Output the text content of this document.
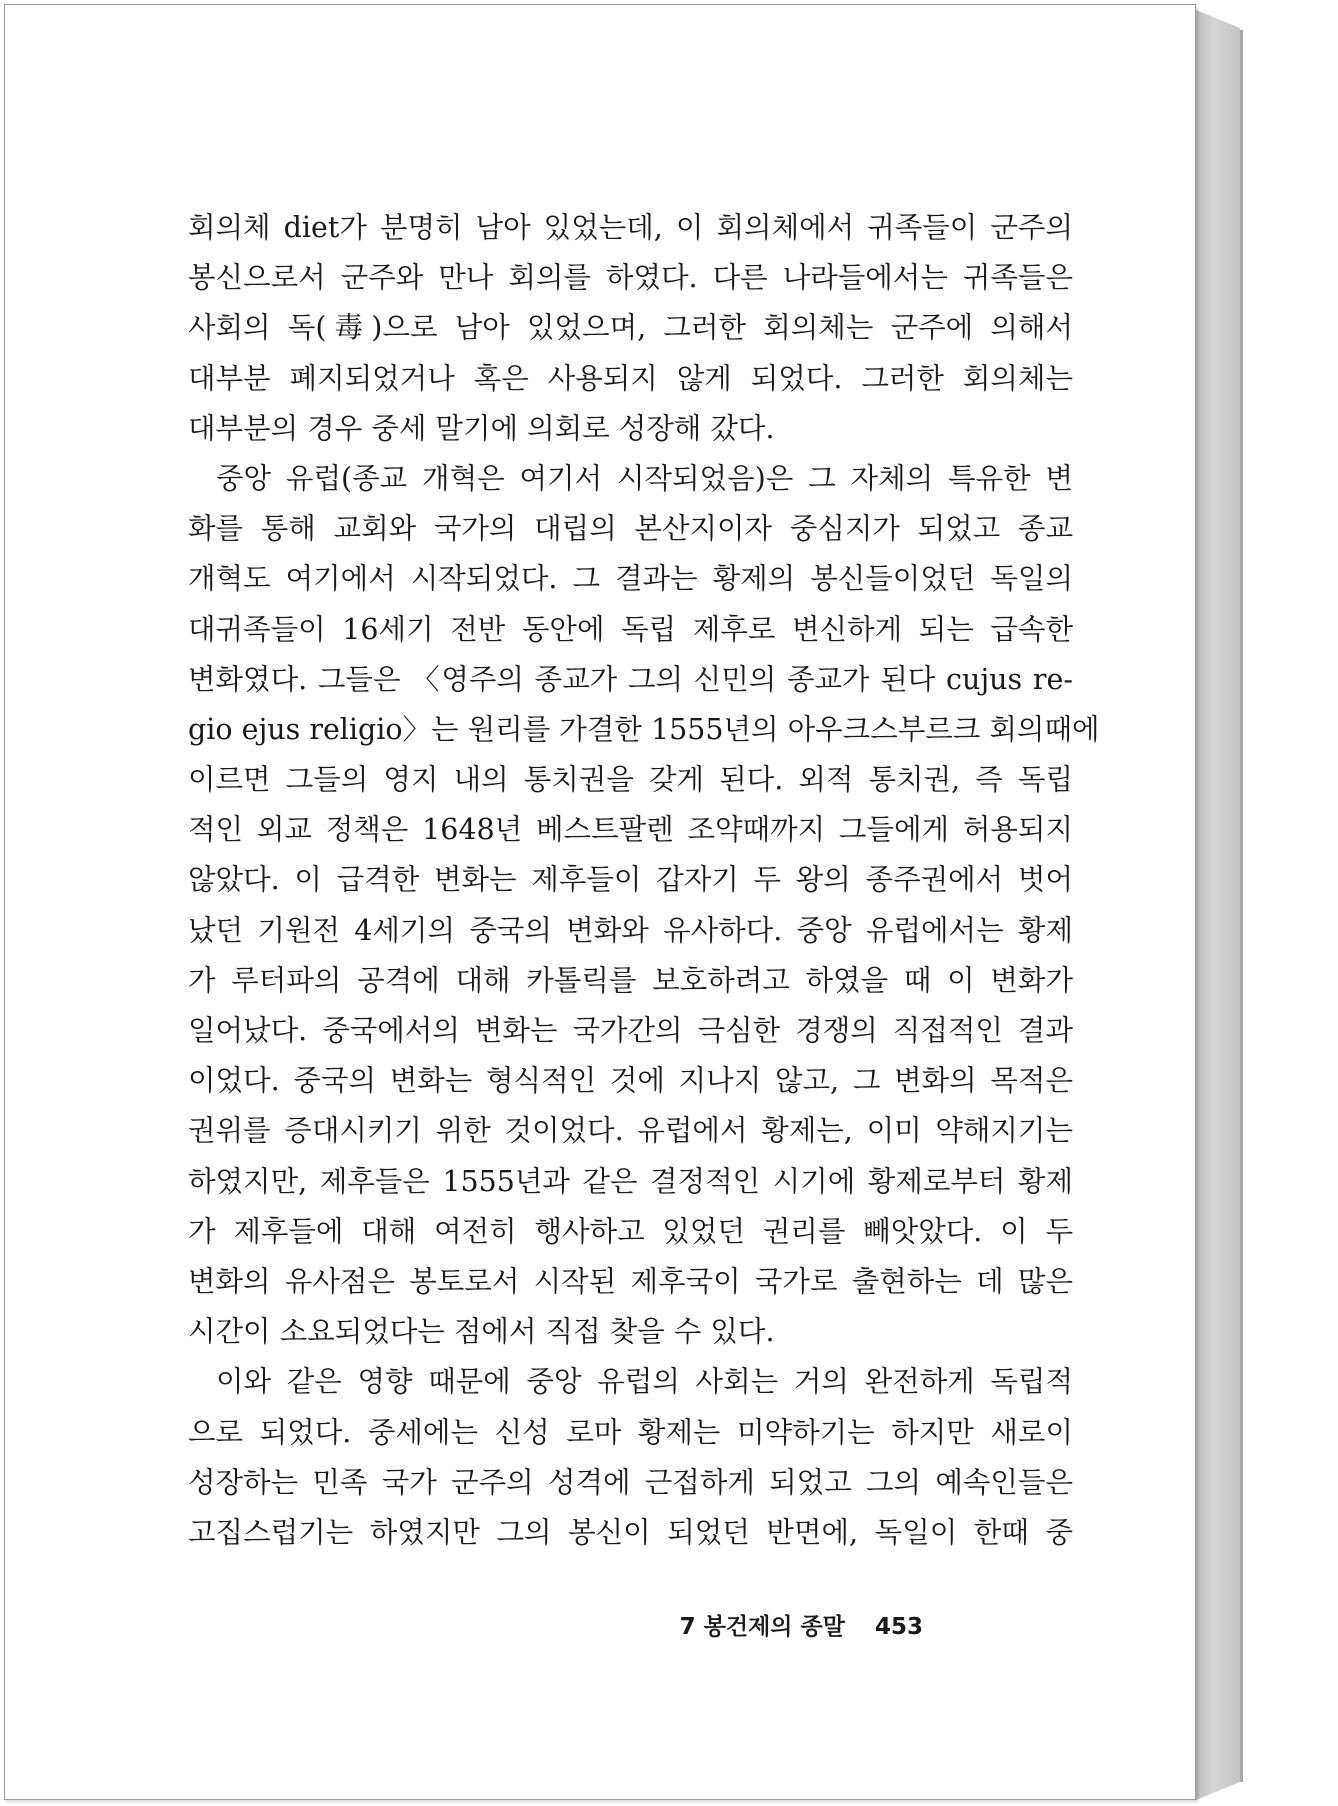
회의체 diet가 분명히 남아 있었는데, 이 회의체에서 귀족들이 군주의
봉신으로서 군주와 만나 회의를 하였다. 다른 나라들에서는 귀족들은
사회의 독(毒)으로 남아 있었으며, 그러한 회의체는 군주에 의해서
대부분 폐지되었거나 혹은 사용되지 않게 되었다. 그러한 회의체는
대부분의 경우 중세 말기에 의회로 성장해 갔다.
중앙 유럽(종교 개혁은 여기서 시작되었음)은 그 자체의 특유한 변
화를 통해 교회와 국가의 대립의 본산지이자 중심지가 되었고 종교
개혁도 여기에서 시작되었다. 그 결과는 황제의 봉신들이었던 독일의
대귀족들이 16세기 전반 동안에 독립 제후로 변신하게 되는 급속한
변화였다. 그들은 〈영주의 종교가 그의 신민의 종교가 된다 cujus re-
gio ejus religio〉는 원리를 가결한 1555년의 아우크스부르크 회의때에
이르면 그들의 영지 내의 통치권을 갖게 된다. 외적 통치권, 즉 독립
적인 외교 정책은 1648년 베스트팔렌 조약때까지 그들에게 허용되지
않았다. 이 급격한 변화는 제후들이 갑자기 두 왕의 종주권에서 벗어
났던 기원전 4세기의 중국의 변화와 유사하다. 중앙 유럽에서는 황제
가 루터파의 공격에 대해 카톨릭를 보호하려고 하였을 때 이 변화가
일어났다. 중국에서의 변화는 국가간의 극심한 경쟁의 직접적인 결과
이었다. 중국의 변화는 형식적인 것에 지나지 않고, 그 변화의 목적은
권위를 증대시키기 위한 것이었다. 유럽에서 황제는, 이미 약해지기는
하였지만, 제후들은 1555년과 같은 결정적인 시기에 황제로부터 황제
가 제후들에 대해 여전히 행사하고 있었던 권리를 빼앗았다. 이 두
변화의 유사점은 봉토로서 시작된 제후국이 국가로 출현하는 데 많은
시간이 소요되었다는 점에서 직접 찾을 수 있다.
이와 같은 영향 때문에 중앙 유럽의 사회는 거의 완전하게 독립적
으로 되었다. 중세에는 신성 로마 황제는 미약하기는 하지만 새로이
성장하는 민족 국가 군주의 성격에 근접하게 되었고 그의 예속인들은
고집스럽기는 하였지만 그의 봉신이 되었던 반면에, 독일이 한때 중
7 봉건제의 종말 453
